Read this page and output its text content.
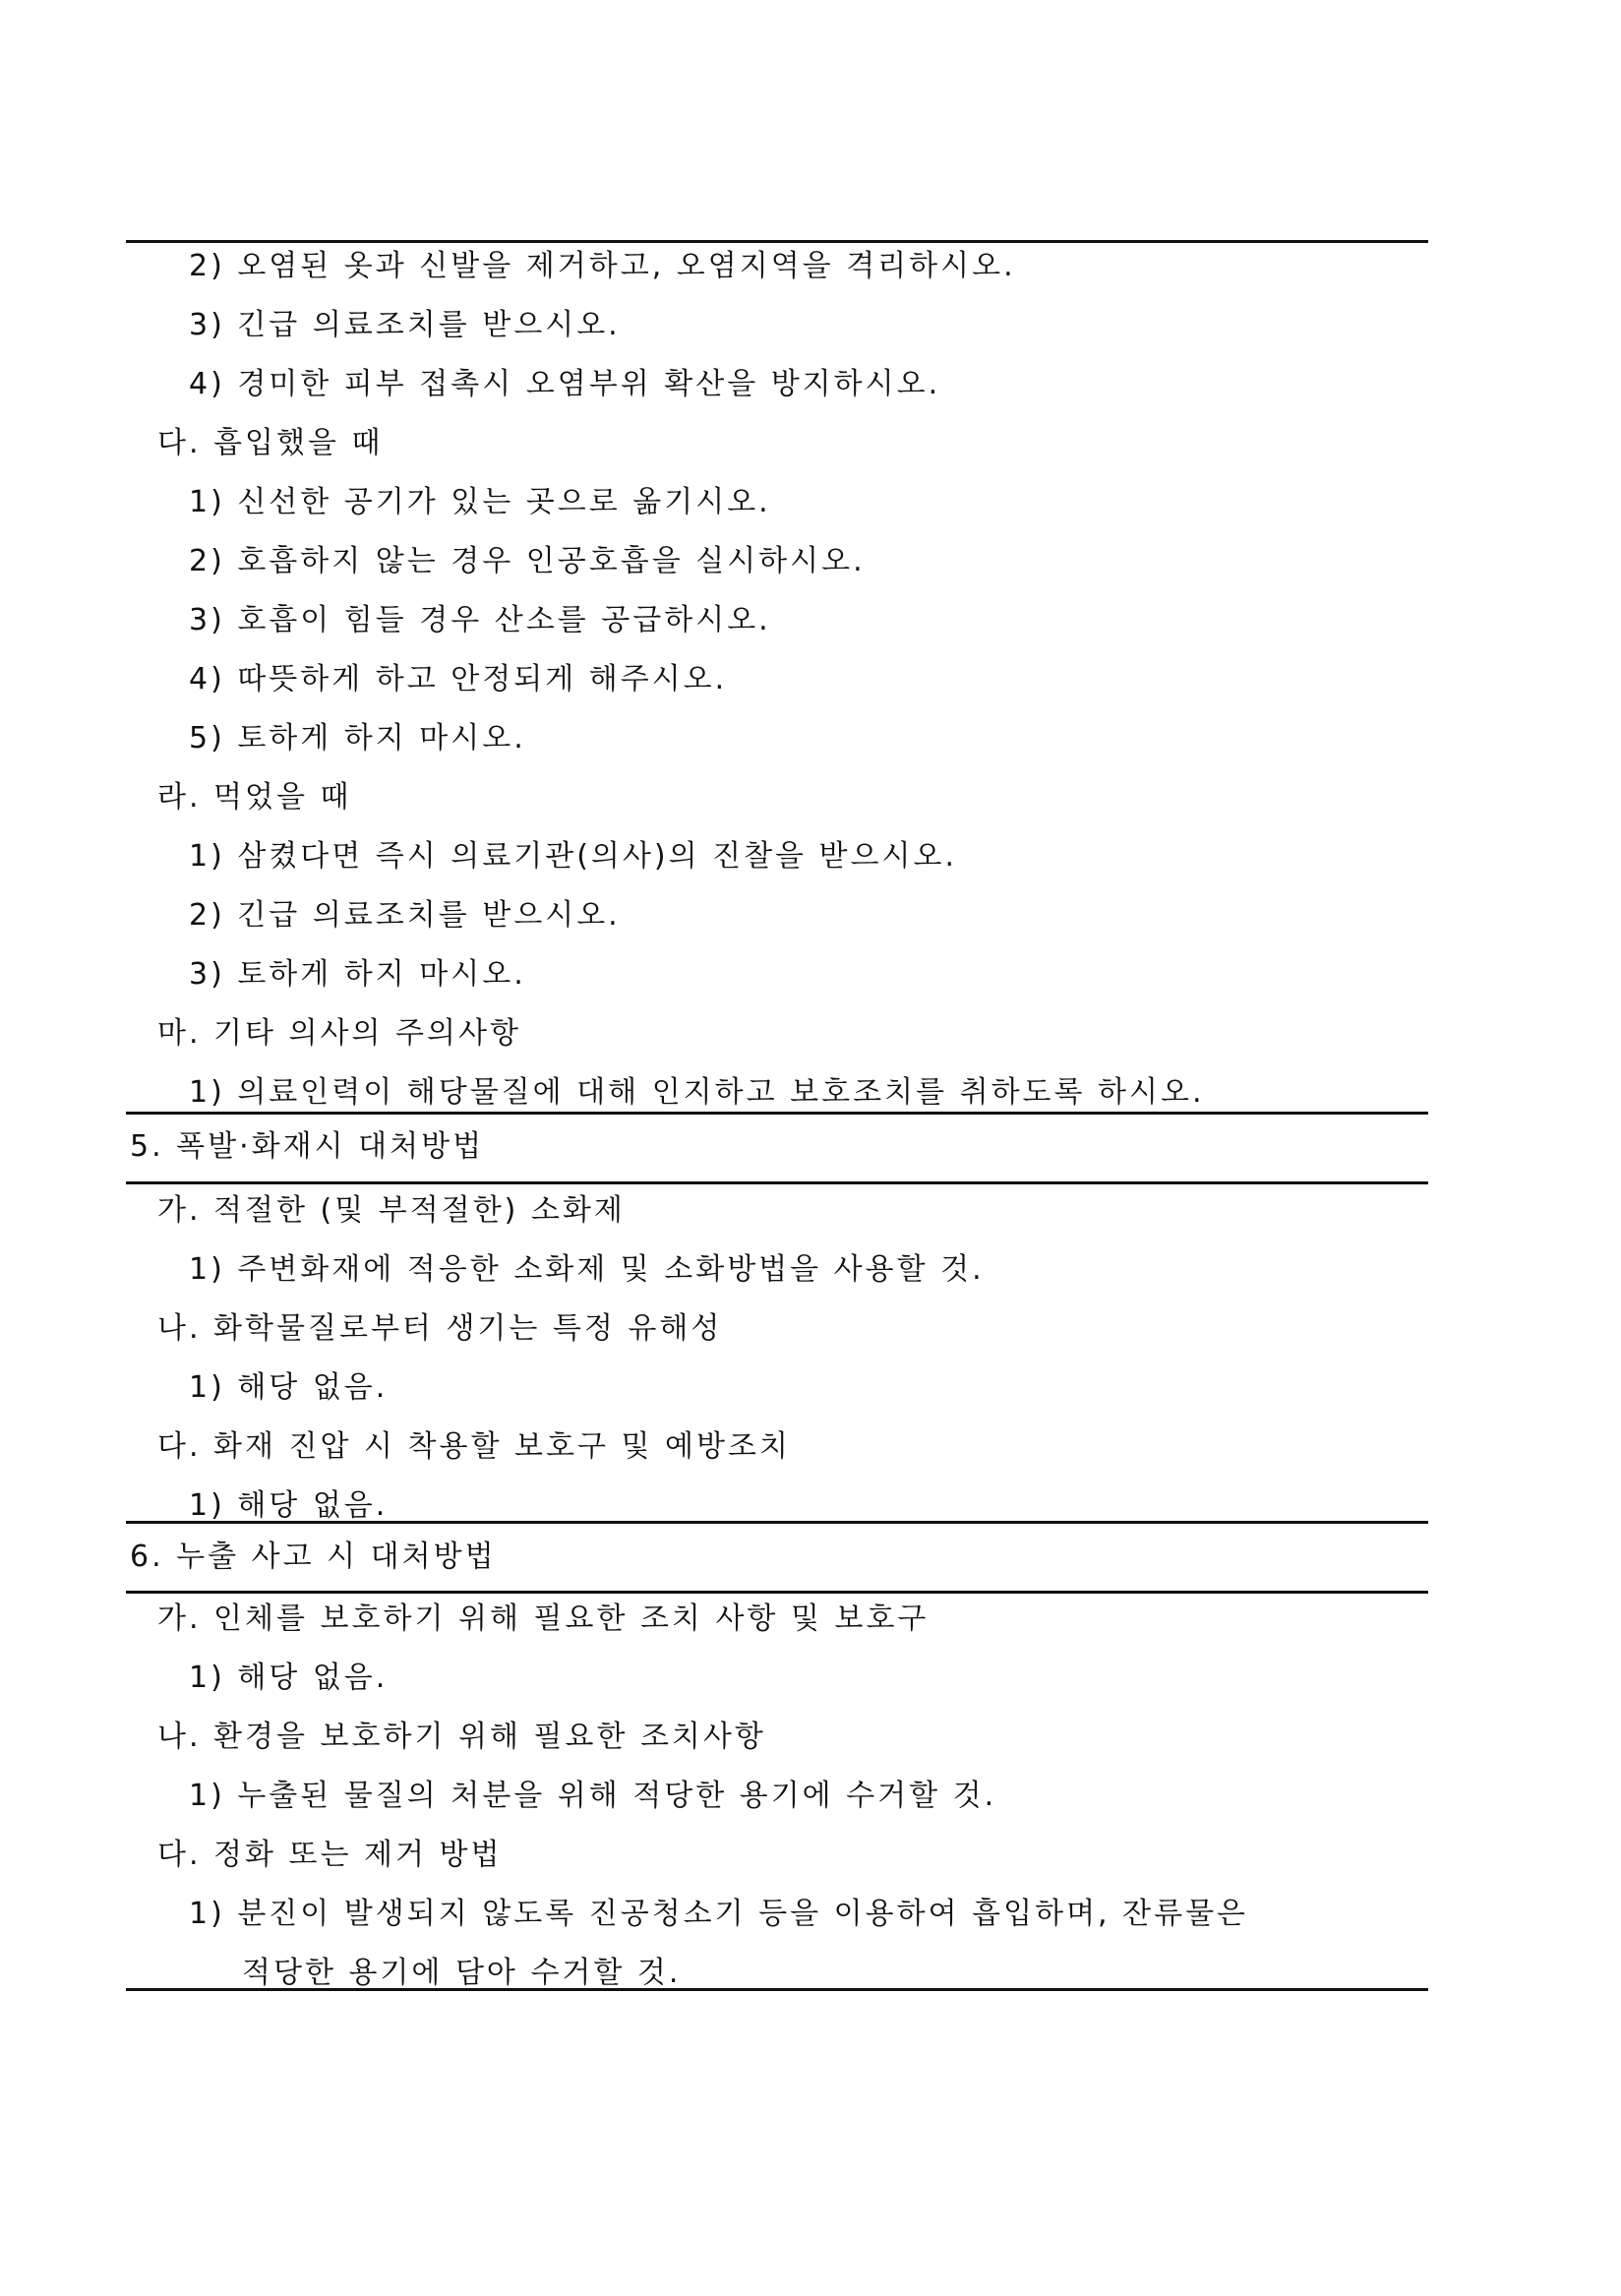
2) 오염된 옷과 신발을 제거하고, 오염지역을 격리하시오.
3) 긴급 의료조치를 받으시오.
4) 경미한 피부 접촉시 오염부위 확산을 방지하시오.
다. 흡입했을 때
1) 신선한 공기가 있는 곳으로 옮기시오.
2) 호흡하지 않는 경우 인공호흡을 실시하시오.
3) 호흡이 힘들 경우 산소를 공급하시오.
4) 따뜻하게 하고 안정되게 해주시오.
5) 토하게 하지 마시오.
라. 먹었을 때
1) 삼켰다면 즉시 의료기관(의사)의 진찰을 받으시오.
2) 긴급 의료조치를 받으시오.
3) 토하게 하지 마시오.
마. 기타 의사의 주의사항
1) 의료인력이 해당물질에 대해 인지하고 보호조치를 취하도록 하시오.
5. 폭발·화재시 대처방법
가. 적절한 (및 부적절한) 소화제
1) 주변화재에 적응한 소화제 및 소화방법을 사용할 것.
나. 화학물질로부터 생기는 특정 유해성
1) 해당 없음.
다. 화재 진압 시 착용할 보호구 및 예방조치
1) 해당 없음.
6. 누출 사고 시 대처방법
가. 인체를 보호하기 위해 필요한 조치 사항 및 보호구
1) 해당 없음.
나. 환경을 보호하기 위해 필요한 조치사항
1) 누출된 물질의 처분을 위해 적당한 용기에 수거할 것.
다. 정화 또는 제거 방법
1) 분진이 발생되지 않도록 진공청소기 등을 이용하여 흡입하며, 잔류물은
적당한 용기에 담아 수거할 것.
